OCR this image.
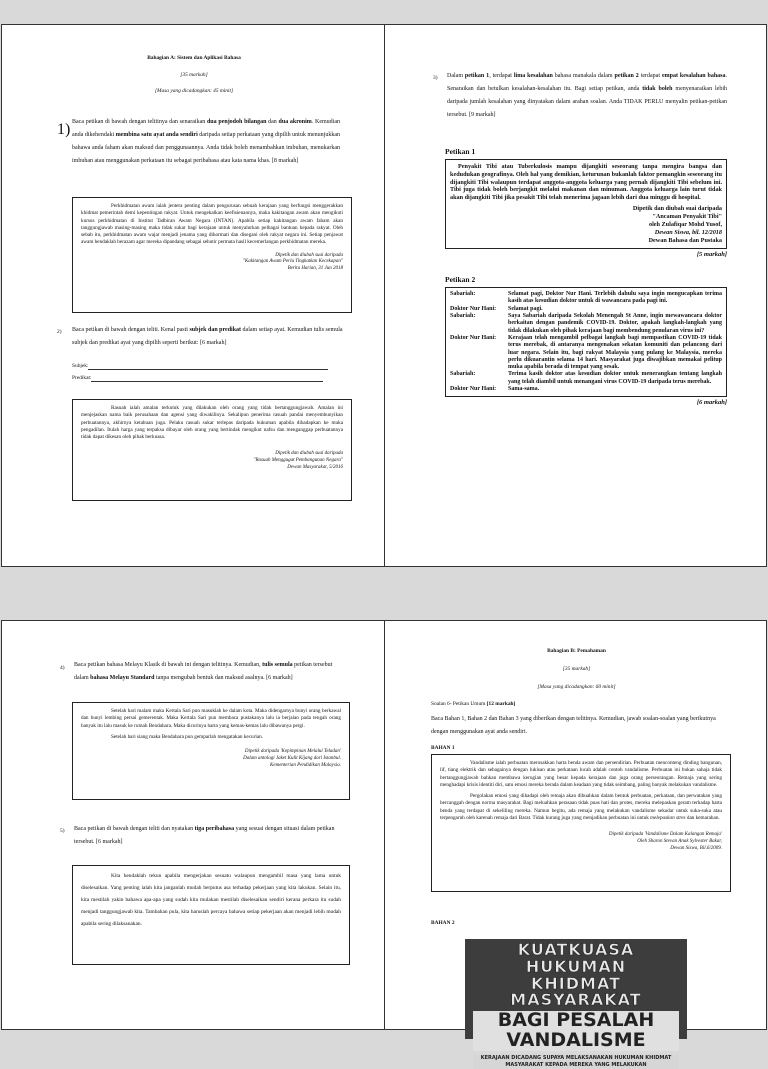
Bahagian A: Sistem dan Aplikasi Bahasa
[35 markah]
[Masa yang dicadangkan: 45 minit]
1) Baca petikan di bawah dengan telitinya dan senaraikan dua penjodoh bilangan dan dua akronim. Kemudian anda dikehendaki membina satu ayat anda sendiri daripada setiap perkataan yang dipilih untuk menunjukkan bahawa anda faham akan maksud dan penggunaannya. Anda tidak boleh menambahkan imbuhan, menukarkan imbuhan atau menggunakan perkataan itu sebagai peribahasa atau kata nama khas. [8 markah]
Perkhidmatan awam ialah jentera penting dalam pengurusan sebuah kerajaan yang berfungsi menggerakkan khidmat pemerintah demi kepentingan rakyat. Untuk mengekalkan keefisienannya, maka kakitangan awam akan mengikuti kursus perkhidmatan di Institut Tadbiran Awam Negara (INTAN). Apabila setiap kakitangan awam faham akan tanggungjawab masing-masing maka tidak sukar bagi kerajaan untuk menyalurkan pelbagai bantuan kepada rakyat. Oleh sebab itu, perkhidmatan awam wajar menjadi jenama yang dihormati dan disegani oleh rakyat negara ini. Setiap penjawat awam hendaklah berazam agar mereka dipandang sebagai sebutir permata hasil kecemerlangan perkhidmatan mereka.
Dipetik dan diubah suai daripada
"Kakitangan Awam Perlu Tingkatkan Kecekapan"
Berita Harian, 31 Jun 2018
2) Baca petikan di bawah dengan teliti. Kenal pasti subjek dan predikat dalam setiap ayat. Kemudian tulis semula subjek dan predikat ayat yang dipilih seperti berikut: [6 markah]
Subjek:
Predikat:
Rasuah ialah amalan terkutuk yang dilakukan oleh orang yang tidak bertanggungjawab. Amalan ini menjejaskan nama baik perusahaan dan agensi yang diwakilinya. Sekalipun penerima rasuah pandai menyembunyikan perbuatannya, akhirnya ketahuan juga. Pelaku rasuah sukar terlepas daripada hukuman apabila dihadapkan ke muka pengadilan. Itulah harga yang terpaksa dibayar oleh orang yang bertindak mengikut nafsu dan menganggap perbuatannya tidak dapat dikesan oleh pihak berkuasa.
Dipetik dan diubah suai daripada
"Rasuah Menggugat Pembangunan Negara"
Dewan Masyarakat, 5/2016
3) Dalam petikan 1, terdapat lima kesalahan bahasa manakala dalam petikan 2 terdapat empat kesalahan bahasa. Senaraikan dan betulkan kesalahan-kesalahan itu. Bagi setiap petikan, anda tidak boleh menyenaraikan lebih daripada jumlah kesalahan yang dinyatakan dalam arahan soalan. Anda TIDAK PERLU menyalin petikan-petikan tersebut. [9 markah]
Petikan 1
Penyakit Tibi atau Tuberkulosis mampu dijangkiti seseorang tanpa mengira bangsa dan kedudukan geografinya. Oleh hal yang demikian, keturunan bukanlah faktor pemangkin seseorang itu dijangkiti Tibi walaupun terdapat anggota-anggota keluarga yang pernah dijangkiti Tibi sebelum ini. Tibi juga tidak boleh berjangkit melalui makanan dan minuman. Anggota keluarga lain turut tidak akan dijangkiti Tibi jika pesakit Tibi telah menerima jagaan lebih dari dua minggu di hospital.
Dipetik dan diubah suai daripada
"Ancaman Penyakit Tibi"
oleh Zulafiqar Mohd Yusof,
Dewan Siswa, bil. 12/2018
Dewan Bahasa dan Pustaka
[5 markah]
Petikan 2
Sabariah:	Selamat pagi, Doktor Nur Hani. Terlebih dahulu saya ingin mengucapkan terima kasih atas kesudian doktor untuk di wawancara pada pagi ini.
Doktor Nur Hani:	Selamat pagi.
Sabariah:	Saya Sabariah daripada Sekolah Menengah St Anne, ingin mewawancara doktor berkaitan dengan pandemik COVID-19. Doktor, apakah langkah-langkah yang tidak dilakukan oleh pihak kerajaan bagi membendung penularan virus ini?
Doktor Nur Hani:	Kerajaan telah mengambil pelbagai langkah bagi mempastikan COVID-19 tidak terus merebak, di antaranya mengenakan sekatan komuniti dan pelancong dari luar negara. Selain itu, bagi rakyat Malaysia yang pulang ke Malaysia, mereka perlu dikuarantin selama 14 hari. Masyarakat juga diwajibkan memakai pelitup muka apabila berada di tempat yang sesak.
Sabariah:	Terima kasih doktor atas kesudian doktor untuk menerangkan tentang langkah yang telah diambil untuk menangani virus COVID-19 daripada terus merebak.
Doktor Nur Hani:	Sama-sama.
[6 markah]
4) Baca petikan bahasa Melayu Klasik di bawah ini dengan telitinya. Kemudian, tulis semula petikan tersebut dalam bahasa Melayu Standard tanpa mengubah bentuk dan maksud asalnya. [6 markah]
Setelah hari malam maka Kertala Sari pun masuklah ke dalam kota. Maka didengarnya bunyi orang berkawal dan bunyi lembing persai gemerentak. Maka Kertala Sari pun membaca pustakanya lalu ia berjalan pada tengah orang banyak itu lalu masuk ke rumah Bendahara. Maka dicurinya harta yang kemas-kemas lalu dibawanya pergi.
Setelah hari siang maka Bendahara pun gemparlah mengatakan kecurian.
Dipetik daripada 'Kepimpinan Melalui Teladan'
Dalam antologi Jaket Kulit Kijang dari Istanbul.
Kementerian Pendidikan Malaysia.
5) Baca petikan di bawah dengan teliti dan nyatakan tiga peribahasa yang sesuai dengan situasi dalam petikan tersebut. [6 markah]
Kita hendaklah tekun apabila mengerjakan sesuatu walaupun mengambil masa yang lama untuk diselesaikan. Yang penting ialah kita janganlah mudah berputus asa terhadap pekerjaan yang kita lakukan. Selain itu, kita mestilah yakin bahawa apa-apa yang sudah kita mulakan mestilah diselesaikan sendiri kerana perkara itu sudah menjadi tanggungjawab kita. Tambahan pula, kita haruslah percaya bahawa setiap pekerjaan akan menjadi lebih mudah apabila sering dilaksanakan.
Bahagian B: Pemahaman
[35 markah]
[Masa yang dicadangkan: 60 minit]
Soalan 6- Petikan Umum [12 markah]
Baca Bahan 1, Bahan 2 dan Bahan 3 yang diberikan dengan telitinya. Kemudian, jawab soalan-soalan yang berikutnya dengan menggunakan ayat anda sendiri.
BAHAN 1
Vandalisme ialah perbuatan merosakkan harta benda awam dan persendirian. Perbuatan menconteng dinding bangunan, lif, tiang elektrik dan sebagainya dengan lukisan atau perkataan lucah adalah contoh vandalisme. Perbuatan ini bukan sahaja tidak bertanggungjawab bahkan membawa kerugian yang besar kepada kerajaan dan juga orang perseorangan. Remaja yang sering menghadapi krisis identiti diri, satu emosi mereka berada dalam keadaan yang tidak seimbang, paling banyak melakukan vandalisme.
Pergolakan emosi yang dihadapi oleh remaja akan dibuahkan dalam bentuk perbuatan, perkataan, dan perwatakan yang bercanggah dengan norma masyarakat. Bagi meluahkan perasaan tidak puas hati dan protes, mereka melepaskan geram terhadap harta benda yang terdapat di sekeliling mereka. Namun begitu, ada remaja yang melakukan vandalisme sekadar untuk suka-suka atau terpengaruh oleh karenah remaja dari Barat. Tidak kurang juga yang menjadikan perbuatan ini untuk melepaskan stres dan kemarahan.
Dipetik daripada 'Vandalisme Dalam Kalangan Remaja'
Oleh Sharon Stevan Anak Sylvester Bakar,
Dewan Siswa, Bil.6/2009.
BAHAN 2
KUATKUASA HUKUMAN
KHIDMAT MASYARAKAT
BAGI PESALAH
VANDALISME
KERAJAAN DICADANG SUPAYA MELAKSANAKAN HUKUMAN KHIDMAT MASYARAKAT KEPADA MEREKA YANG MELAKUKAN
